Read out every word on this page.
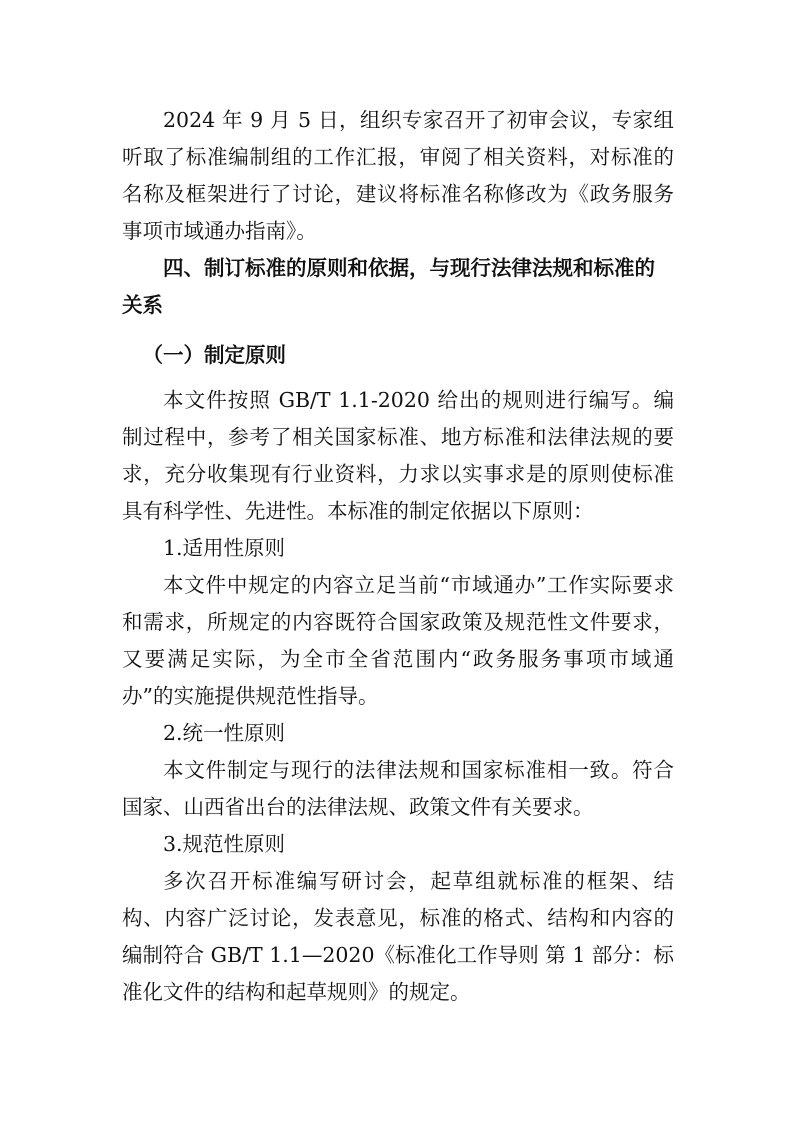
2024 年 9 月 5 日，组织专家召开了初审会议，专家组听取了标准编制组的工作汇报，审阅了相关资料，对标准的名称及框架进行了讨论，建议将标准名称修改为《政务服务事项市域通办指南》。

四、制订标准的原则和依据，与现行法律法规和标准的关系

（一）制定原则

本文件按照 GB/T 1.1-2020 给出的规则进行编写。编制过程中，参考了相关国家标准、地方标准和法律法规的要求，充分收集现有行业资料，力求以实事求是的原则使标准具有科学性、先进性。本标准的制定依据以下原则：

1.适用性原则

本文件中规定的内容立足当前“市域通办”工作实际要求和需求，所规定的内容既符合国家政策及规范性文件要求，又要满足实际，为全市全省范围内“政务服务事项市域通办”的实施提供规范性指导。

2.统一性原则

本文件制定与现行的法律法规和国家标准相一致。符合国家、山西省出台的法律法规、政策文件有关要求。

3.规范性原则

多次召开标准编写研讨会，起草组就标准的框架、结构、内容广泛讨论，发表意见，标准的格式、结构和内容的编制符合 GB/T 1.1—2020《标准化工作导则 第 1 部分：标准化文件的结构和起草规则》的规定。
